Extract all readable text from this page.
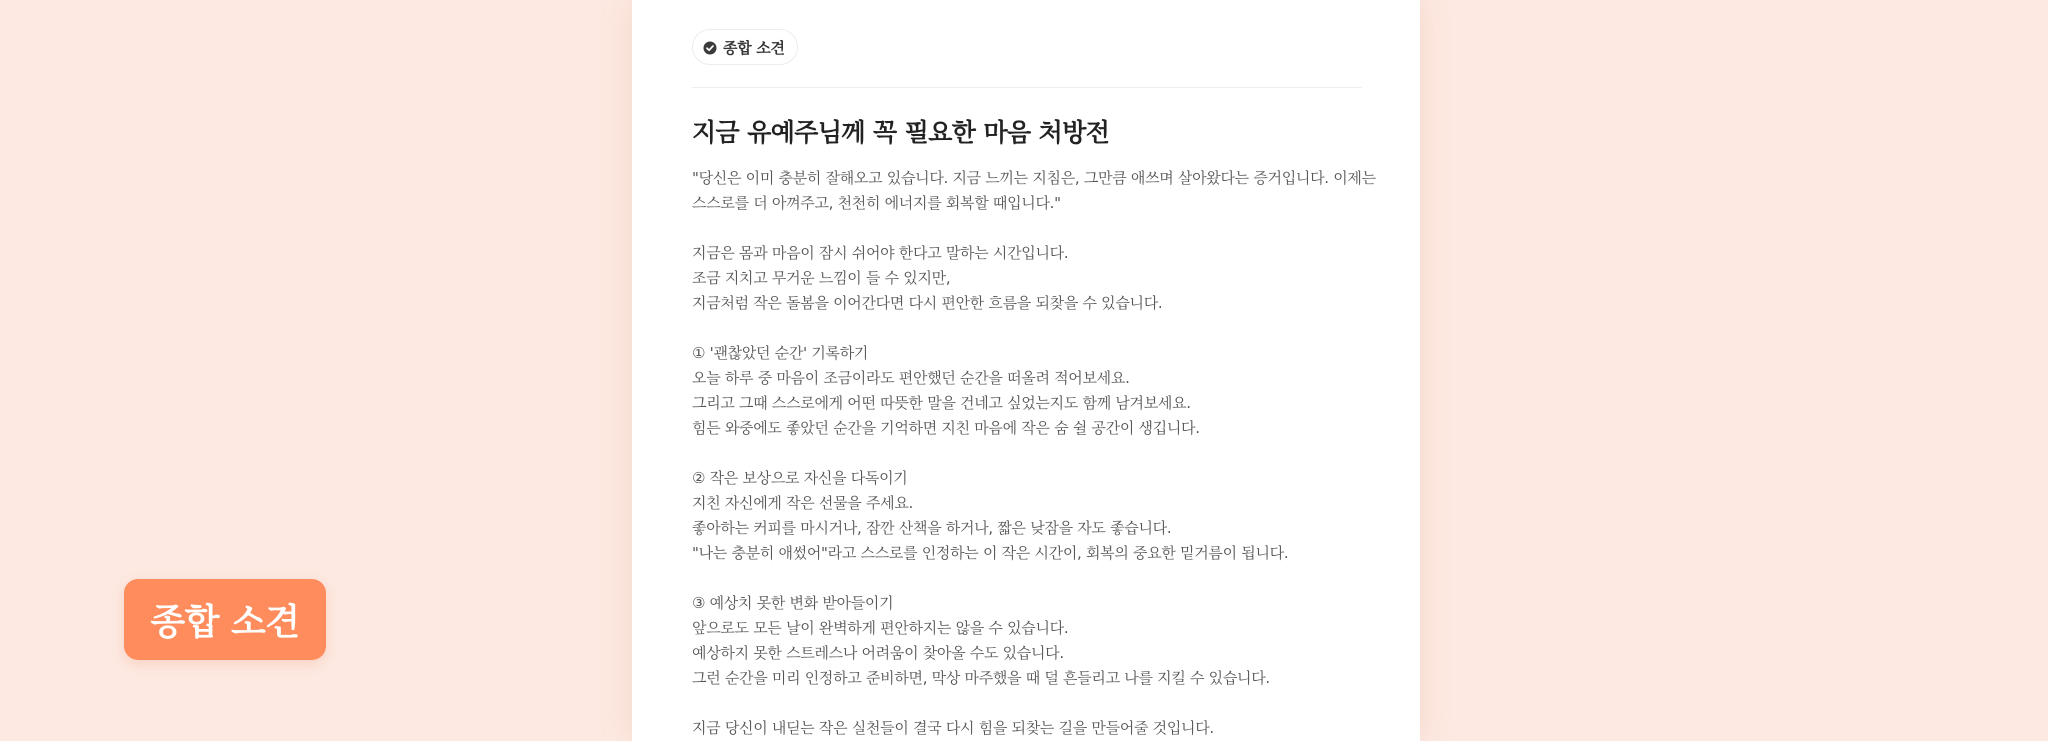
종합 소견
지금 유예주님께 꼭 필요한 마음 처방전
"당신은 이미 충분히 잘해오고 있습니다. 지금 느끼는 지침은, 그만큼 애쓰며 살아왔다는 증거입니다. 이제는
스스로를 더 아껴주고, 천천히 에너지를 회복할 때입니다."
지금은 몸과 마음이 잠시 쉬어야 한다고 말하는 시간입니다.
조금 지치고 무거운 느낌이 들 수 있지만,
지금처럼 작은 돌봄을 이어간다면 다시 편안한 흐름을 되찾을 수 있습니다.
① '괜찮았던 순간' 기록하기
오늘 하루 중 마음이 조금이라도 편안했던 순간을 떠올려 적어보세요.
그리고 그때 스스로에게 어떤 따뜻한 말을 건네고 싶었는지도 함께 남겨보세요.
힘든 와중에도 좋았던 순간을 기억하면 지친 마음에 작은 숨 쉴 공간이 생깁니다.
② 작은 보상으로 자신을 다독이기
지친 자신에게 작은 선물을 주세요.
좋아하는 커피를 마시거나, 잠깐 산책을 하거나, 짧은 낮잠을 자도 좋습니다.
"나는 충분히 애썼어"라고 스스로를 인정하는 이 작은 시간이, 회복의 중요한 밑거름이 됩니다.
③ 예상치 못한 변화 받아들이기
앞으로도 모든 날이 완벽하게 편안하지는 않을 수 있습니다.
예상하지 못한 스트레스나 어려움이 찾아올 수도 있습니다.
그런 순간을 미리 인정하고 준비하면, 막상 마주했을 때 덜 흔들리고 나를 지킬 수 있습니다.
지금 당신이 내딛는 작은 실천들이 결국 다시 힘을 되찾는 길을 만들어줄 것입니다.
종합 소견
